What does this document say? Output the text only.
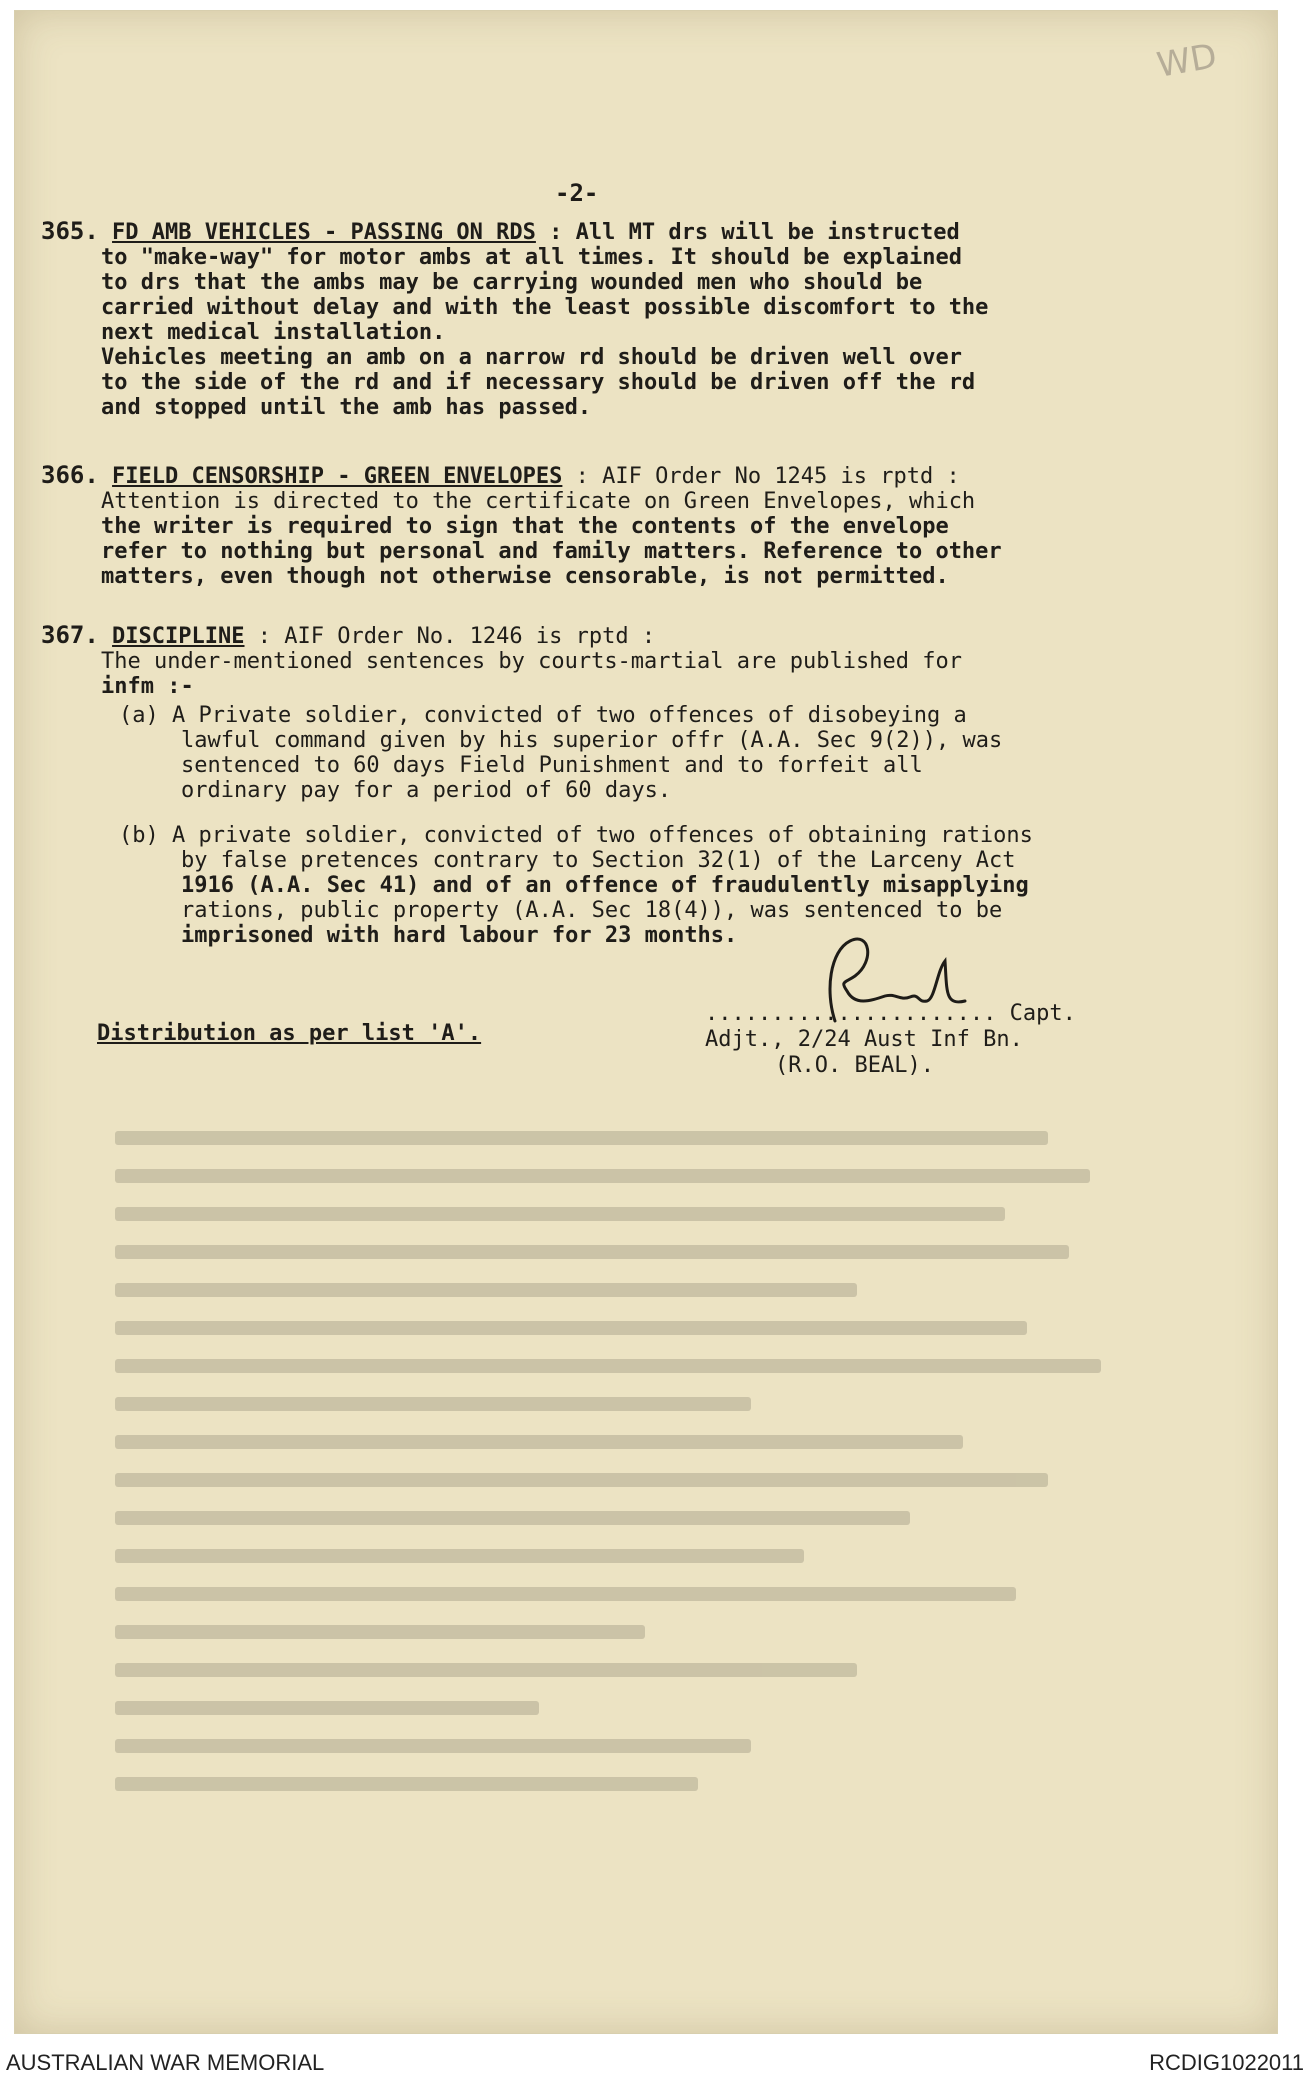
WD
-2-
365. FD AMB VEHICLES - PASSING ON RDS : All MT drs will be instructed
to "make-way" for motor ambs at all times. It should be explained
to drs that the ambs may be carrying wounded men who should be
carried without delay and with the least possible discomfort to the
next medical installation.
Vehicles meeting an amb on a narrow rd should be driven well over
to the side of the rd and if necessary should be driven off the rd
and stopped until the amb has passed.
366. FIELD CENSORSHIP - GREEN ENVELOPES : AIF Order No 1245 is rptd :
Attention is directed to the certificate on Green Envelopes, which
the writer is required to sign that the contents of the envelope
refer to nothing but personal and family matters. Reference to other
matters, even though not otherwise censorable, is not permitted.
367. DISCIPLINE : AIF Order No. 1246 is rptd :
The under-mentioned sentences by courts-martial are published for
infm :-
(a) A Private soldier, convicted of two offences of disobeying a
lawful command given by his superior offr (A.A. Sec 9(2)), was
sentenced to 60 days Field Punishment and to forfeit all
ordinary pay for a period of 60 days.
(b) A private soldier, convicted of two offences of obtaining rations
by false pretences contrary to Section 32(1) of the Larceny Act
1916 (A.A. Sec 41) and of an offence of fraudulently misapplying
rations, public property (A.A. Sec 18(4)), was sentenced to be
imprisoned with hard labour for 23 months.
Distribution as per list 'A'.
...................... Capt.
Adjt., 2/24 Aust Inf Bn.
(R.O. BEAL).
AUSTRALIAN WAR MEMORIAL	RCDIG1022011
